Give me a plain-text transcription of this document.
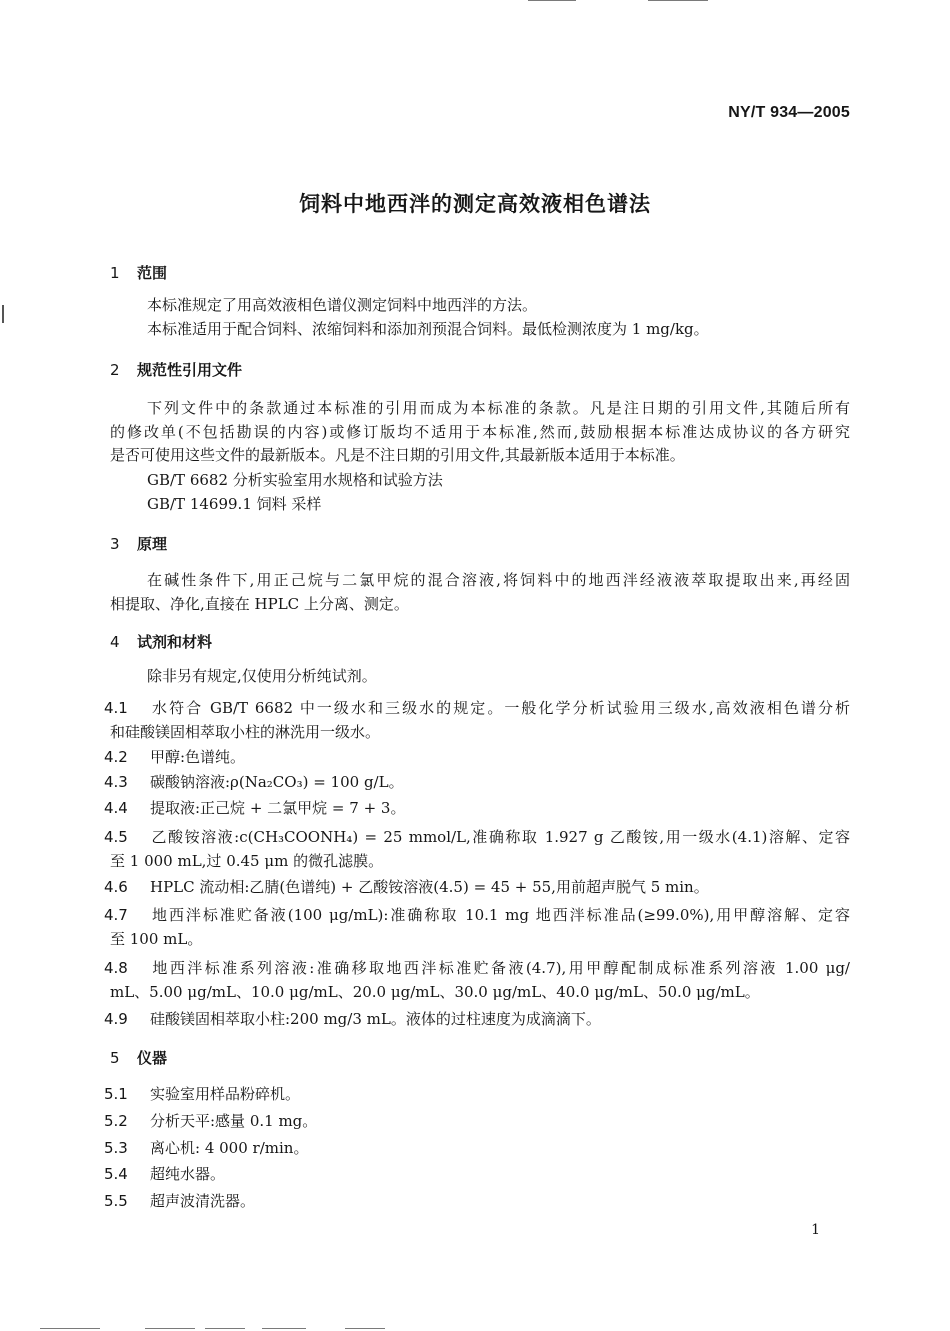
NY/T 934—2005
饲料中地西泮的测定高效液相色谱法
1 范围
本标准规定了用高效液相色谱仪测定饲料中地西泮的方法。
本标准适用于配合饲料、浓缩饲料和添加剂预混合饲料。最低检测浓度为 1 mg/kg。
2 规范性引用文件
下列文件中的条款通过本标准的引用而成为本标准的条款。凡是注日期的引用文件,其随后所有
的修改单(不包括勘误的内容)或修订版均不适用于本标准,然而,鼓励根据本标准达成协议的各方研究
是否可使用这些文件的最新版本。凡是不注日期的引用文件,其最新版本适用于本标准。
GB/T 6682 分析实验室用水规格和试验方法
GB/T 14699.1 饲料 采样
3 原理
在碱性条件下,用正己烷与二氯甲烷的混合溶液,将饲料中的地西泮经液液萃取提取出来,再经固
相提取、净化,直接在 HPLC 上分离、测定。
4 试剂和材料
除非另有规定,仅使用分析纯试剂。
4.1 水符合 GB/T 6682 中一级水和三级水的规定。一般化学分析试验用三级水,高效液相色谱分析
和硅酸镁固相萃取小柱的淋洗用一级水。
4.2 甲醇:色谱纯。
4.3 碳酸钠溶液:ρ(Na₂CO₃) = 100 g/L。
4.4 提取液:正己烷 + 二氯甲烷 = 7 + 3。
4.5 乙酸铵溶液:c(CH₃COONH₄) = 25 mmol/L,准确称取 1.927 g 乙酸铵,用一级水(4.1)溶解、定容
至 1 000 mL,过 0.45 μm 的微孔滤膜。
4.6 HPLC 流动相:乙腈(色谱纯) + 乙酸铵溶液(4.5) = 45 + 55,用前超声脱气 5 min。
4.7 地西泮标准贮备液(100 μg/mL):准确称取 10.1 mg 地西泮标准品(≥99.0%),用甲醇溶解、定容
至 100 mL。
4.8 地西泮标准系列溶液:准确移取地西泮标准贮备液(4.7),用甲醇配制成标准系列溶液 1.00 μg/
mL、5.00 μg/mL、10.0 μg/mL、20.0 μg/mL、30.0 μg/mL、40.0 μg/mL、50.0 μg/mL。
4.9 硅酸镁固相萃取小柱:200 mg/3 mL。液体的过柱速度为成滴滴下。
5 仪器
5.1 实验室用样品粉碎机。
5.2 分析天平:感量 0.1 mg。
5.3 离心机: 4 000 r/min。
5.4 超纯水器。
5.5 超声波清洗器。
1
